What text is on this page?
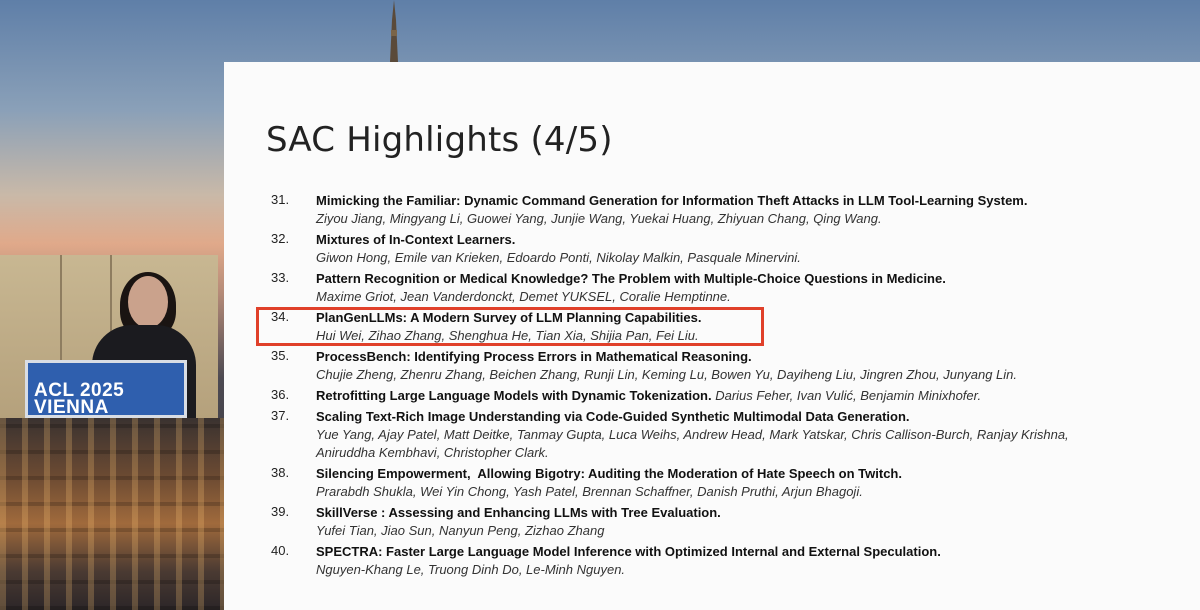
ACL 2025
VIENNA
SAC Highlights (4/5)
31. Mimicking the Familiar: Dynamic Command Generation for Information Theft Attacks in LLM Tool-Learning System.
Ziyou Jiang, Mingyang Li, Guowei Yang, Junjie Wang, Yuekai Huang, Zhiyuan Chang, Qing Wang.
32. Mixtures of In-Context Learners.
Giwon Hong, Emile van Krieken, Edoardo Ponti, Nikolay Malkin, Pasquale Minervini.
33. Pattern Recognition or Medical Knowledge? The Problem with Multiple-Choice Questions in Medicine.
Maxime Griot, Jean Vanderdonckt, Demet YUKSEL, Coralie Hemptinne.
34. PlanGenLLMs: A Modern Survey of LLM Planning Capabilities.
Hui Wei, Zihao Zhang, Shenghua He, Tian Xia, Shijia Pan, Fei Liu.
35. ProcessBench: Identifying Process Errors in Mathematical Reasoning.
Chujie Zheng, Zhenru Zhang, Beichen Zhang, Runji Lin, Keming Lu, Bowen Yu, Dayiheng Liu, Jingren Zhou, Junyang Lin.
36. Retrofitting Large Language Models with Dynamic Tokenization. Darius Feher, Ivan Vulić, Benjamin Minixhofer.
37. Scaling Text-Rich Image Understanding via Code-Guided Synthetic Multimodal Data Generation.
Yue Yang, Ajay Patel, Matt Deitke, Tanmay Gupta, Luca Weihs, Andrew Head, Mark Yatskar, Chris Callison-Burch, Ranjay Krishna,
Aniruddha Kembhavi, Christopher Clark.
38. Silencing Empowerment,  Allowing Bigotry: Auditing the Moderation of Hate Speech on Twitch.
Prarabdh Shukla, Wei Yin Chong, Yash Patel, Brennan Schaffner, Danish Pruthi, Arjun Bhagoji.
39. SkillVerse : Assessing and Enhancing LLMs with Tree Evaluation.
Yufei Tian, Jiao Sun, Nanyun Peng, Zizhao Zhang
40. SPECTRA: Faster Large Language Model Inference with Optimized Internal and External Speculation.
Nguyen-Khang Le, Truong Dinh Do, Le-Minh Nguyen.
